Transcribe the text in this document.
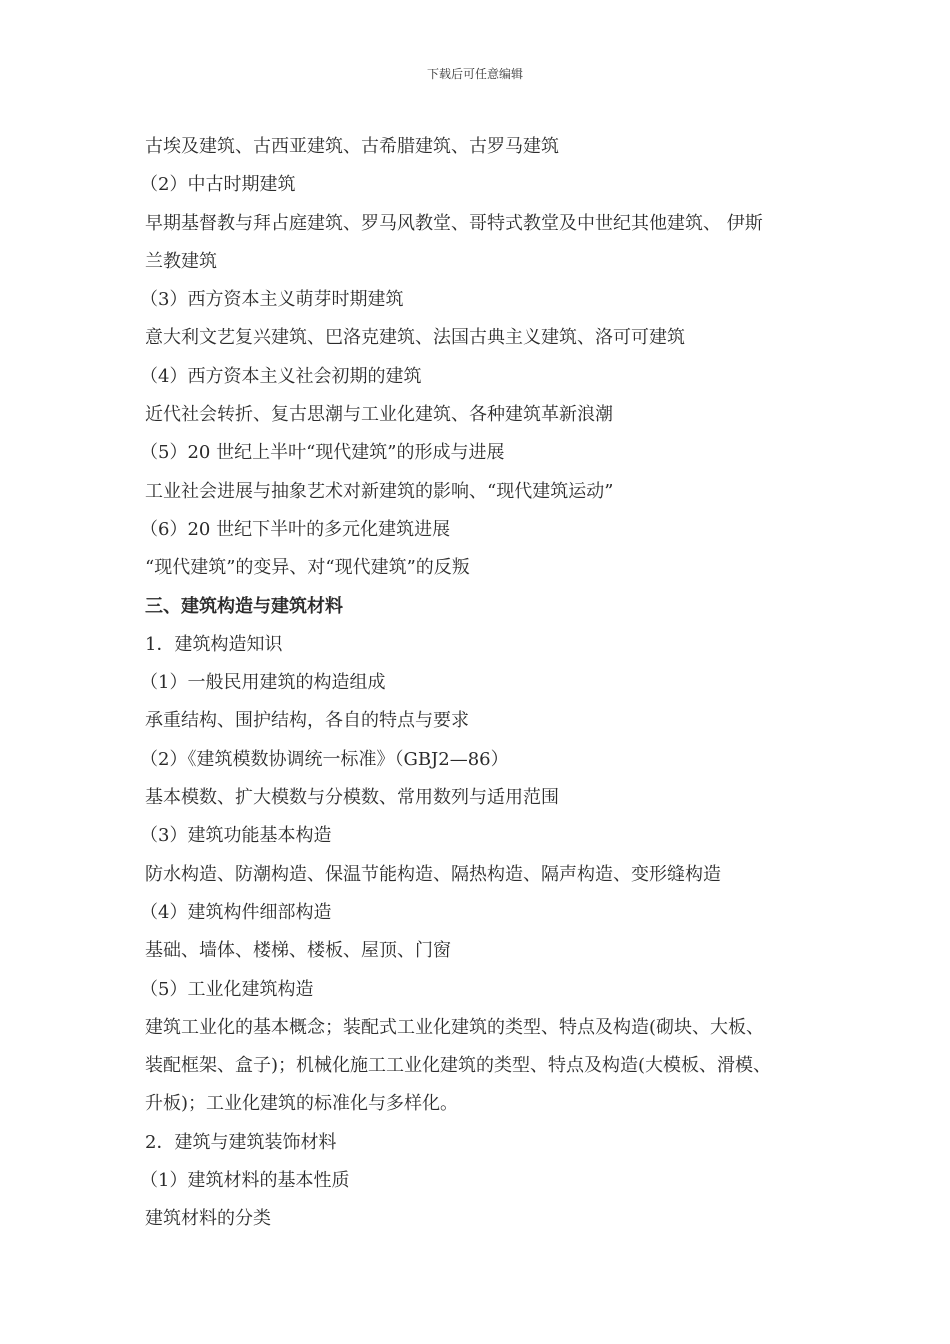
下载后可任意编辑
古埃及建筑、古西亚建筑、古希腊建筑、古罗马建筑
（2）中古时期建筑
早期基督教与拜占庭建筑、罗马风教堂、哥特式教堂及中世纪其他建筑、 伊斯
兰教建筑
（3）西方资本主义萌芽时期建筑
意大利文艺复兴建筑、巴洛克建筑、法国古典主义建筑、洛可可建筑
（4）西方资本主义社会初期的建筑
近代社会转折、复古思潮与工业化建筑、各种建筑革新浪潮
（5）20 世纪上半叶“现代建筑”的形成与进展
工业社会进展与抽象艺术对新建筑的影响、“现代建筑运动”
（6）20 世纪下半叶的多元化建筑进展
“现代建筑”的变异、对“现代建筑”的反叛
三、建筑构造与建筑材料
1．建筑构造知识
（1）一般民用建筑的构造组成
承重结构、围护结构，各自的特点与要求
（2）《建筑模数协调统一标准》（GBJ2—86）
基本模数、扩大模数与分模数、常用数列与适用范围
（3）建筑功能基本构造
防水构造、防潮构造、保温节能构造、隔热构造、隔声构造、变形缝构造
（4）建筑构件细部构造
基础、墙体、楼梯、楼板、屋顶、门窗
（5）工业化建筑构造
建筑工业化的基本概念；装配式工业化建筑的类型、特点及构造(砌块、大板、
装配框架、盒子)；机械化施工工业化建筑的类型、特点及构造(大模板、滑模、
升板)；工业化建筑的标准化与多样化。
2．建筑与建筑装饰材料
（1）建筑材料的基本性质
建筑材料的分类
